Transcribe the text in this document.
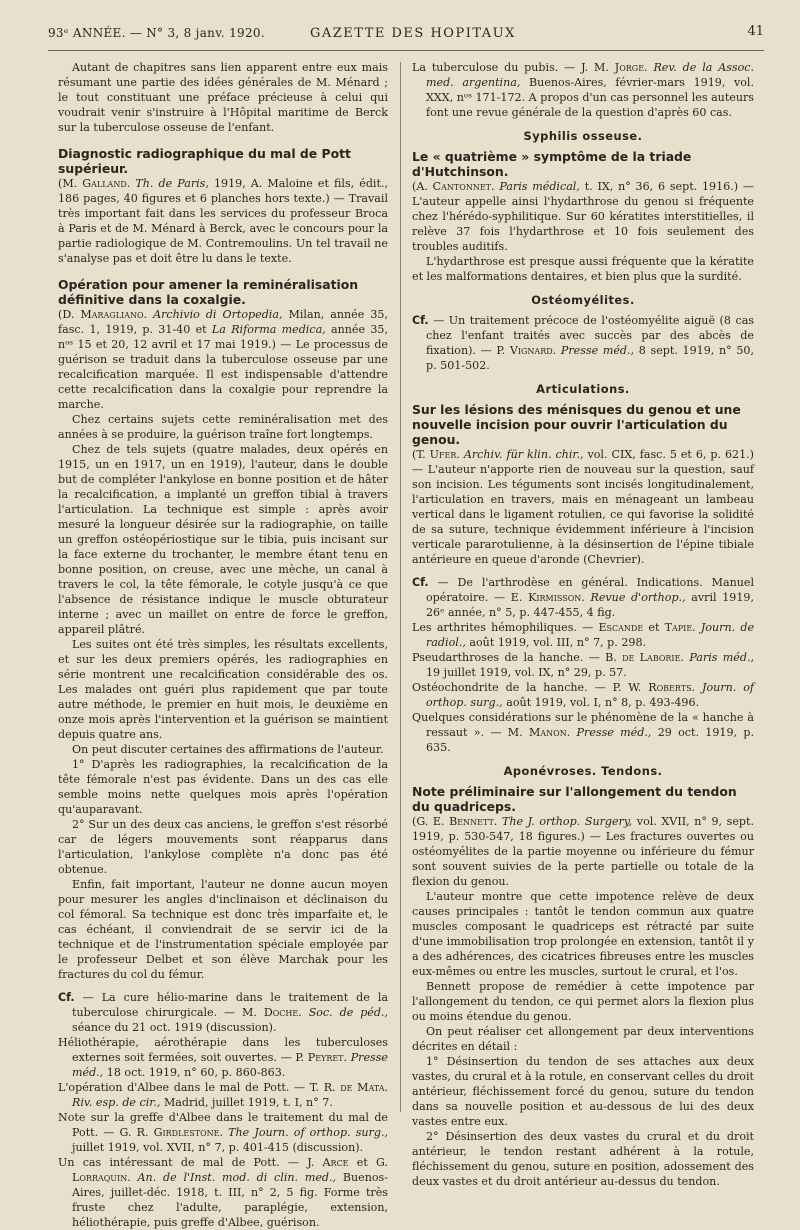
93ᵉ ANNÉE. — N° 3, 8 janv. 1920.	GAZETTE DES HOPITAUX	41

Autant de chapitres sans lien apparent entre eux mais résumant une partie des idées générales de M. Ménard ; le tout constituant une préface précieuse à celui qui voudrait venir s'instruire à l'Hôpital maritime de Berck sur la tuberculose osseuse de l'enfant.

Diagnostic radiographique du mal de Pott supérieur.

(M. Galland. Th. de Paris, 1919, A. Maloine et fils, édit., 186 pages, 40 figures et 6 planches hors texte.) — Travail très important fait dans les services du professeur Broca à Paris et de M. Ménard à Berck, avec le concours pour la partie radiologique de M. Contremoulins. Un tel travail ne s'analyse pas et doit être lu dans le texte.

Opération pour amener la reminéralisation définitive dans la coxalgie.

(D. Maragliano. Archivio di Ortopedia, Milan, année 35, fasc. 1, 1919, p. 31-40 et La Riforma medica, année 35, nᵒˢ 15 et 20, 12 avril et 17 mai 1919.) — Le processus de guérison se traduit dans la tuberculose osseuse par une recalcification marquée. Il est indispensable d'attendre cette recalcification dans la coxalgie pour reprendre la marche.

Chez certains sujets cette reminéralisation met des années à se produire, la guérison traîne fort longtemps.

Chez de tels sujets (quatre malades, deux opérés en 1915, un en 1917, un en 1919), l'auteur, dans le double but de compléter l'ankylose en bonne position et de hâter la recalcification, a implanté un greffon tibial à travers l'articulation. La technique est simple : après avoir mesuré la longueur désirée sur la radiographie, on taille un greffon ostéopériostique sur le tibia, puis incisant sur la face externe du trochanter, le membre étant tenu en bonne position, on creuse, avec une mèche, un canal à travers le col, la tête fémorale, le cotyle jusqu'à ce que l'absence de résistance indique le muscle obturateur interne ; avec un maillet on entre de force le greffon, appareil plâtré.

Les suites ont été très simples, les résultats excellents, et sur les deux premiers opérés, les radiographies en série montrent une recalcification considérable des os. Les malades ont guéri plus rapidement que par toute autre méthode, le premier en huit mois, le deuxième en onze mois après l'intervention et la guérison se maintient depuis quatre ans.

On peut discuter certaines des affirmations de l'auteur.

1° D'après les radiographies, la recalcification de la tête fémorale n'est pas évidente. Dans un des cas elle semble moins nette quelques mois après l'opération qu'auparavant.

2° Sur un des deux cas anciens, le greffon s'est résorbé car de légers mouvements sont réapparus dans l'articulation, l'ankylose complète n'a donc pas été obtenue.

Enfin, fait important, l'auteur ne donne aucun moyen pour mesurer les angles d'inclinaison et déclinaison du col fémoral. Sa technique est donc très imparfaite et, le cas échéant, il conviendrait de se servir ici de la technique et de l'instrumentation spéciale employée par le professeur Delbet et son élève Marchak pour les fractures du col du fémur.

Cf. — La cure hélio-marine dans le traitement de la tuberculose chirurgicale. — M. Doche. Soc. de péd., séance du 21 oct. 1919 (discussion).

Héliothérapie, aérothérapie dans les tuberculoses externes soit fermées, soit ouvertes. — P. Peyret. Presse méd., 18 oct. 1919, n° 60, p. 860-863.

L'opération d'Albee dans le mal de Pott. — T. R. de Mata. Riv. esp. de cir., Madrid, juillet 1919, t. I, n° 7.

Note sur la greffe d'Albee dans le traitement du mal de Pott. — G. R. Girdlestone. The Journ. of orthop. surg., juillet 1919, vol. XVII, n° 7, p. 401-415 (discussion).

Un cas intéressant de mal de Pott. — J. Arce et G. Lorraquin. An. de l'Inst. mod. di clin. med., Buenos-Aires, juillet-déc. 1918, t. III, n° 2, 5 fig. Forme très fruste chez l'adulte, paraplégie, extension, héliothérapie, puis greffe d'Albee, guérison.

La tuberculose du pubis. — J. M. Jorge. Rev. de la Assoc. med. argentina, Buenos-Aires, février-mars 1919, vol. XXX, nᵒˢ 171-172. A propos d'un cas personnel les auteurs font une revue générale de la question d'après 60 cas.

Syphilis osseuse.
Le « quatrième » symptôme de la triade d'Hutchinson.

(A. Cantonnet. Paris médical, t. IX, n° 36, 6 sept. 1916.) — L'auteur appelle ainsi l'hydarthrose du genou si fréquente chez l'hérédo-syphilitique. Sur 60 kératites interstitielles, il relève 37 fois l'hydarthrose et 10 fois seulement des troubles auditifs.

L'hydarthrose est presque aussi fréquente que la kératite et les malformations dentaires, et bien plus que la surdité.

Ostéomyélites.

Cf. — Un traitement précoce de l'ostéomyélite aiguë (8 cas chez l'enfant traités avec succès par des abcès de fixation). — P. Vignard. Presse méd., 8 sept. 1919, n° 50, p. 501-502.

Articulations.
Sur les lésions des ménisques du genou et une nouvelle incision pour ouvrir l'articulation du genou.

(T. Ufer. Archiv. für klin. chir., vol. CIX, fasc. 5 et 6, p. 621.) — L'auteur n'apporte rien de nouveau sur la question, sauf son incision. Les téguments sont incisés longitudinalement, l'articulation en travers, mais en ménageant un lambeau vertical dans le ligament rotulien, ce qui favorise la solidité de sa suture, technique évidemment inférieure à l'incision verticale pararotulienne, à la désinsertion de l'épine tibiale antérieure en queue d'aronde (Chevrier).

Cf. — De l'arthrodèse en général. Indications. Manuel opératoire. — E. Kirmisson. Revue d'orthop., avril 1919, 26ᵉ année, n° 5, p. 447-455, 4 fig.

Les arthrites hémophiliques. — Escande et Tapie. Journ. de radiol., août 1919, vol. III, n° 7, p. 298.

Pseudarthroses de la hanche. — B. de Laborie. Paris méd., 19 juillet 1919, vol. IX, n° 29, p. 57.

Ostéochondrite de la hanche. — P. W. Roberts. Journ. of orthop. surg., août 1919, vol. I, n° 8, p. 493-496.

Quelques considérations sur le phénomène de la « hanche à ressaut ». — M. Manon. Presse méd., 29 oct. 1919, p. 635.

Aponévroses. Tendons.
Note préliminaire sur l'allongement du tendon du quadriceps.

(G. E. Bennett. The J. orthop. Surgery, vol. XVII, n° 9, sept. 1919, p. 530-547, 18 figures.) — Les fractures ouvertes ou ostéomyélites de la partie moyenne ou inférieure du fémur sont souvent suivies de la perte partielle ou totale de la flexion du genou.

L'auteur montre que cette impotence relève de deux causes principales : tantôt le tendon commun aux quatre muscles composant le quadriceps est rétracté par suite d'une immobilisation trop prolongée en extension, tantôt il y a des adhérences, des cicatrices fibreuses entre les muscles eux-mêmes ou entre les muscles, surtout le crural, et l'os.

Bennett propose de remédier à cette impotence par l'allongement du tendon, ce qui permet alors la flexion plus ou moins étendue du genou.

On peut réaliser cet allongement par deux interventions décrites en détail :

1° Désinsertion du tendon de ses attaches aux deux vastes, du crural et à la rotule, en conservant celles du droit antérieur, fléchissement forcé du genou, suture du tendon dans sa nouvelle position et au-dessous de lui des deux vastes entre eux.

2° Désinsertion des deux vastes du crural et du droit antérieur, le tendon restant adhérent à la rotule, fléchissement du genou, suture en position, adossement des deux vastes et du droit antérieur au-dessus du tendon.
